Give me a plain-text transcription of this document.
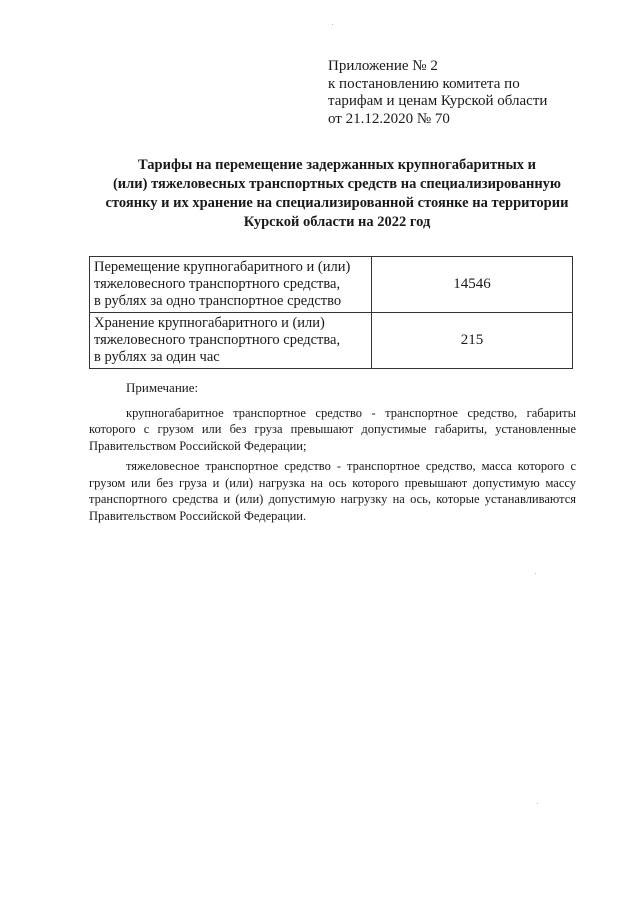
Приложение № 2
к постановлению комитета по
тарифам и ценам Курской области
от 21.12.2020 № 70
Тарифы на перемещение задержанных крупногабаритных и
(или) тяжеловесных транспортных средств на специализированную
стоянку и их хранение на специализированной стоянке на территории
Курской области на 2022 год
Перемещение крупногабаритного и (или)
тяжеловесного транспортного средства,
в рублях за одно транспортное средство	14546

Хранение крупногабаритного и (или)
тяжеловесного транспортного средства,
в рублях за один час	215

Примечание:

крупногабаритное транспортное средство - транспортное средство, габариты которого с грузом или без груза превышают допустимые габариты, установленные Правительством Российской Федерации;

тяжеловесное транспортное средство - транспортное средство, масса которого с грузом или без груза и (или) нагрузка на ось которого превышают допустимую массу транспортного средства и (или) допустимую нагрузку на ось, которые устанавливаются Правительством Российской Федерации.
